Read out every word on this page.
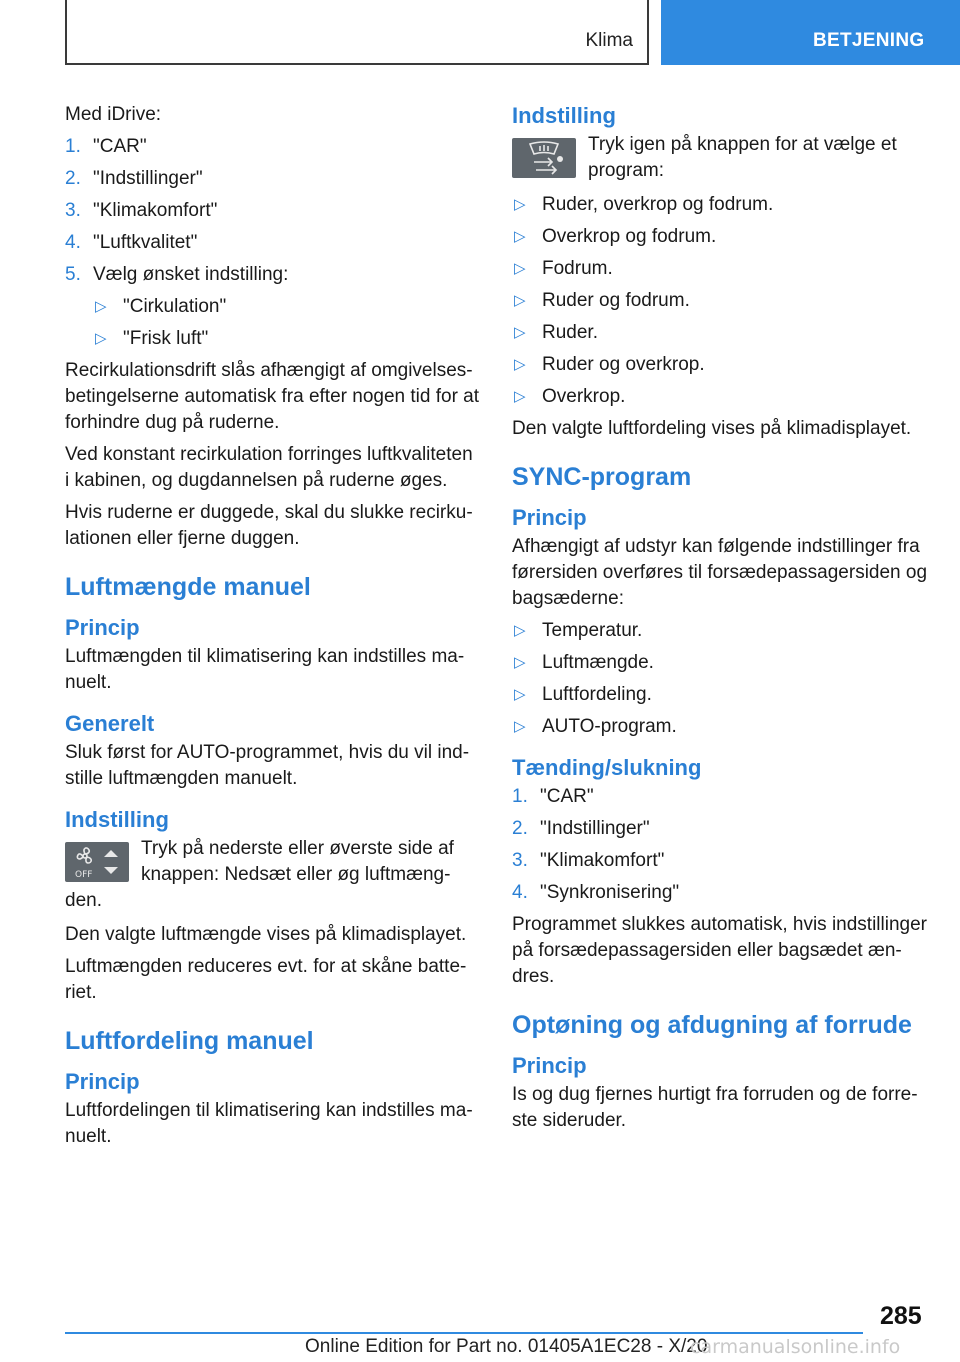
Klima	BETJENING

Med iDrive:

1. "CAR"
2. "Indstillinger"
3. "Klimakomfort"
4. "Luftkvalitet"
5. Vælg ønsket indstilling:
▷ "Cirkulation"
▷ "Frisk luft"

Recirkulationsdrift slås afhængigt af omgivelsesbetingelserne automatisk fra efter nogen tid for at forhindre dug på ruderne.

Ved konstant recirkulation forringes luftkvaliteten i kabinen, og dugdannelsen på ruderne øges.

Hvis ruderne er duggede, skal du slukke recirkulationen eller fjerne duggen.

Luftmængde manuel
Princip

Luftmængden til klimatisering kan indstilles manuelt.

Generelt

Sluk først for AUTO-programmet, hvis du vil indstille luftmængden manuelt.

Indstilling
OFF
Tryk på nederste eller øverste side af knappen: Nedsæt eller øg luftmængden.

Den valgte luftmængde vises på klimadisplayet.

Luftmængden reduceres evt. for at skåne batteriet.

Luftfordeling manuel
Princip

Luftfordelingen til klimatisering kan indstilles manuelt.

Indstilling
Tryk igen på knappen for at vælge et program:
▷ Ruder, overkrop og fodrum.
▷ Overkrop og fodrum.
▷ Fodrum.
▷ Ruder og fodrum.
▷ Ruder.
▷ Ruder og overkrop.
▷ Overkrop.

Den valgte luftfordeling vises på klimadisplayet.

SYNC-program
Princip

Afhængigt af udstyr kan følgende indstillinger fra førersiden overføres til forsædepassagersiden og bagsæderne:

▷ Temperatur.
▷ Luftmængde.
▷ Luftfordeling.
▷ AUTO-program.
Tænding/slukning
1. "CAR"
2. "Indstillinger"
3. "Klimakomfort"
4. "Synkronisering"

Programmet slukkes automatisk, hvis indstillinger på forsædepassagersiden eller bagsædet ændres.

Optøning og afdugning af forrude
Princip

Is og dug fjernes hurtigt fra forruden og de forreste sideruder.

285
Online Edition for Part no. 01405A1EC28 - X/20
carmanualsonline.info
